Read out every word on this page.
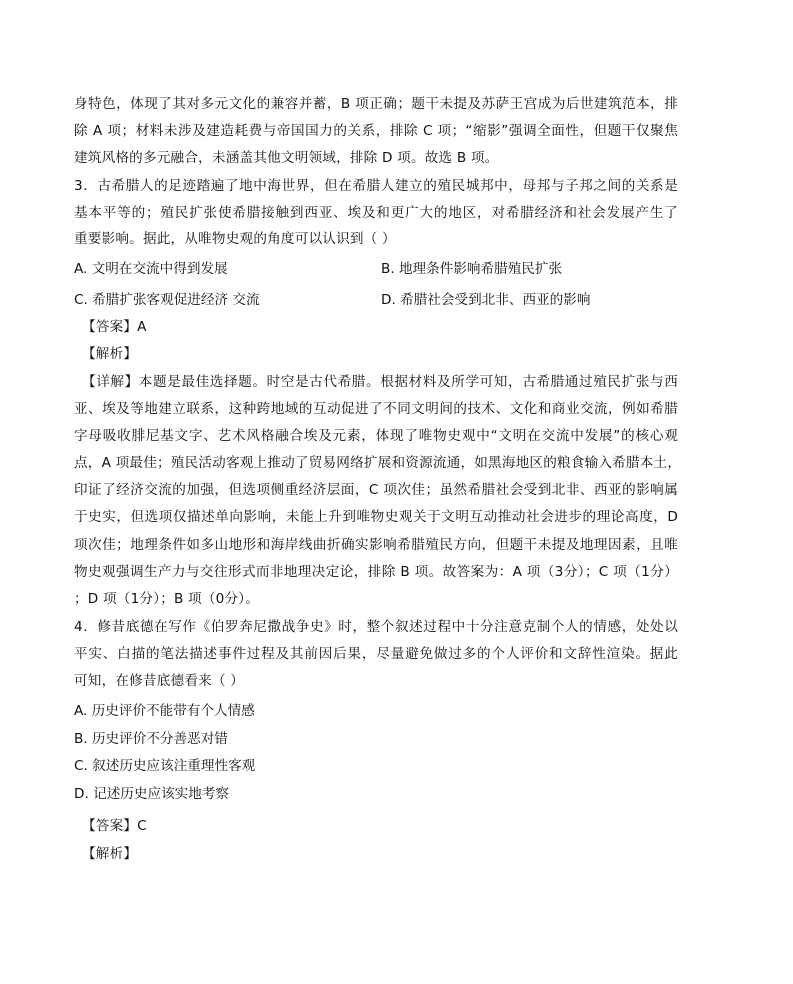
身特色，体现了其对多元文化的兼容并蓄，B 项正确；题干未提及苏萨王宫成为后世建筑范本，排
除 A 项；材料未涉及建造耗费与帝国国力的关系，排除 C 项；“缩影”强调全面性，但题干仅聚焦
建筑风格的多元融合，未涵盖其他文明领域，排除 D 项。故选 B 项。
3．古希腊人的足迹踏遍了地中海世界，但在希腊人建立的殖民城邦中，母邦与子邦之间的关系是
基本平等的；殖民扩张使希腊接触到西亚、埃及和更广大的地区，对希腊经济和社会发展产生了
重要影响。据此，从唯物史观的角度可以认识到（ ）
A. 文明在交流中得到发展	B. 地理条件影响希腊殖民扩张
C. 希腊扩张客观促进经济 交流	D. 希腊社会受到北非、西亚的影响
【答案】A
【解析】
【详解】本题是最佳选择题。时空是古代希腊。根据材料及所学可知，古希腊通过殖民扩张与西
亚、埃及等地建立联系，这种跨地域的互动促进了不同文明间的技术、文化和商业交流，例如希腊
字母吸收腓尼基文字、艺术风格融合埃及元素，体现了唯物史观中“文明在交流中发展”的核心观
点，A 项最佳；殖民活动客观上推动了贸易网络扩展和资源流通，如黑海地区的粮食输入希腊本土，
印证了经济交流的加强，但选项侧重经济层面，C 项次佳；虽然希腊社会受到北非、西亚的影响属
于史实，但选项仅描述单向影响，未能上升到唯物史观关于文明互动推动社会进步的理论高度，D
项次佳；地理条件如多山地形和海岸线曲折确实影响希腊殖民方向，但题干未提及地理因素，且唯
物史观强调生产力与交往形式而非地理决定论，排除 B 项。故答案为：A 项（3分）；C 项（1分）
；D 项（1分）；B 项（0分）。
4．修昔底德在写作《伯罗奔尼撒战争史》时，整个叙述过程中十分注意克制个人的情感，处处以
平实、白描的笔法描述事件过程及其前因后果，尽量避免做过多的个人评价和文辞性渲染。据此
可知，在修昔底德看来（ ）
A. 历史评价不能带有个人情感
B. 历史评价不分善恶对错
C. 叙述历史应该注重理性客观
D. 记述历史应该实地考察
【答案】C
【解析】
